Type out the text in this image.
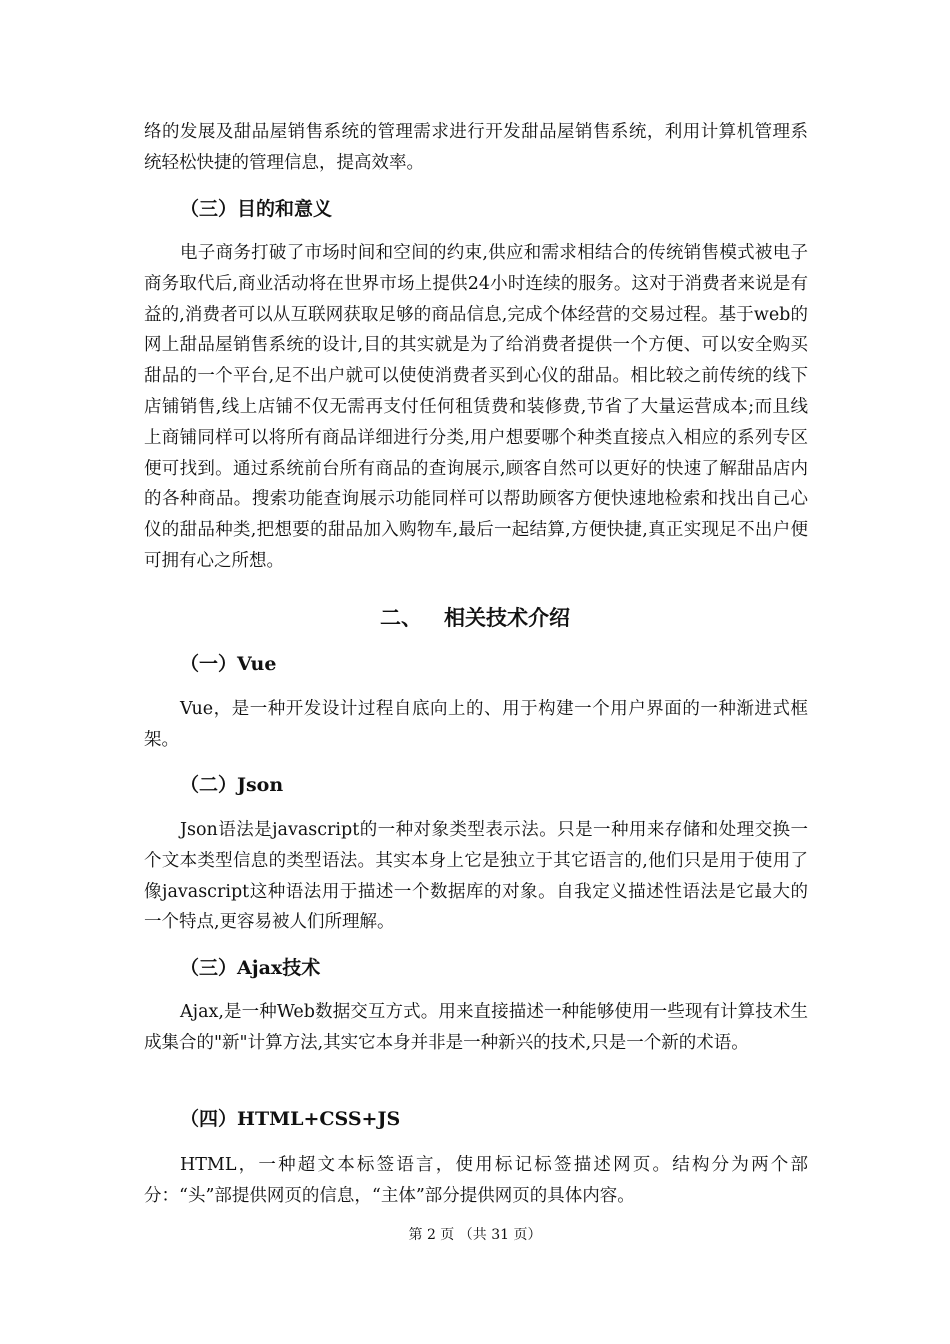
络的发展及甜品屋销售系统的管理需求进行开发甜品屋销售系统，利用计算机管理系统轻松快捷的管理信息，提高效率。

（三）目的和意义

电子商务打破了市场时间和空间的约束,供应和需求相结合的传统销售模式被电子商务取代后,商业活动将在世界市场上提供24小时连续的服务。这对于消费者来说是有益的,消费者可以从互联网获取足够的商品信息,完成个体经营的交易过程。基于web的网上甜品屋销售系统的设计,目的其实就是为了给消费者提供一个方便、可以安全购买甜品的一个平台,足不出户就可以使使消费者买到心仪的甜品。相比较之前传统的线下店铺销售,线上店铺不仅无需再支付任何租赁费和装修费,节省了大量运营成本;而且线上商铺同样可以将所有商品详细进行分类,用户想要哪个种类直接点入相应的系列专区便可找到。通过系统前台所有商品的查询展示,顾客自然可以更好的快速了解甜品店内的各种商品。搜索功能查询展示功能同样可以帮助顾客方便快速地检索和找出自己心仪的甜品种类,把想要的甜品加入购物车,最后一起结算,方便快捷,真正实现足不出户便可拥有心之所想。

二、   相关技术介绍
（一）Vue

Vue，是一种开发设计过程自底向上的、用于构建一个用户界面的一种渐进式框架。

（二）Json

Json语法是javascript的一种对象类型表示法。只是一种用来存储和处理交换一个文本类型信息的类型语法。其实本身上它是独立于其它语言的,他们只是用于使用了像javascript这种语法用于描述一个数据库的对象。自我定义描述性语法是它最大的一个特点,更容易被人们所理解。

（三）Ajax技术

Ajax,是一种Web数据交互方式。用来直接描述一种能够使用一些现有计算技术生成集合的"新"计算方法,其实它本身并非是一种新兴的技术,只是一个新的术语。

（四）HTML+CSS+JS

HTML，一种超文本标签语言，使用标记标签描述网页。结构分为两个部分：“头”部提供网页的信息，“主体”部分提供网页的具体内容。

第 2 页 （共 31 页）
